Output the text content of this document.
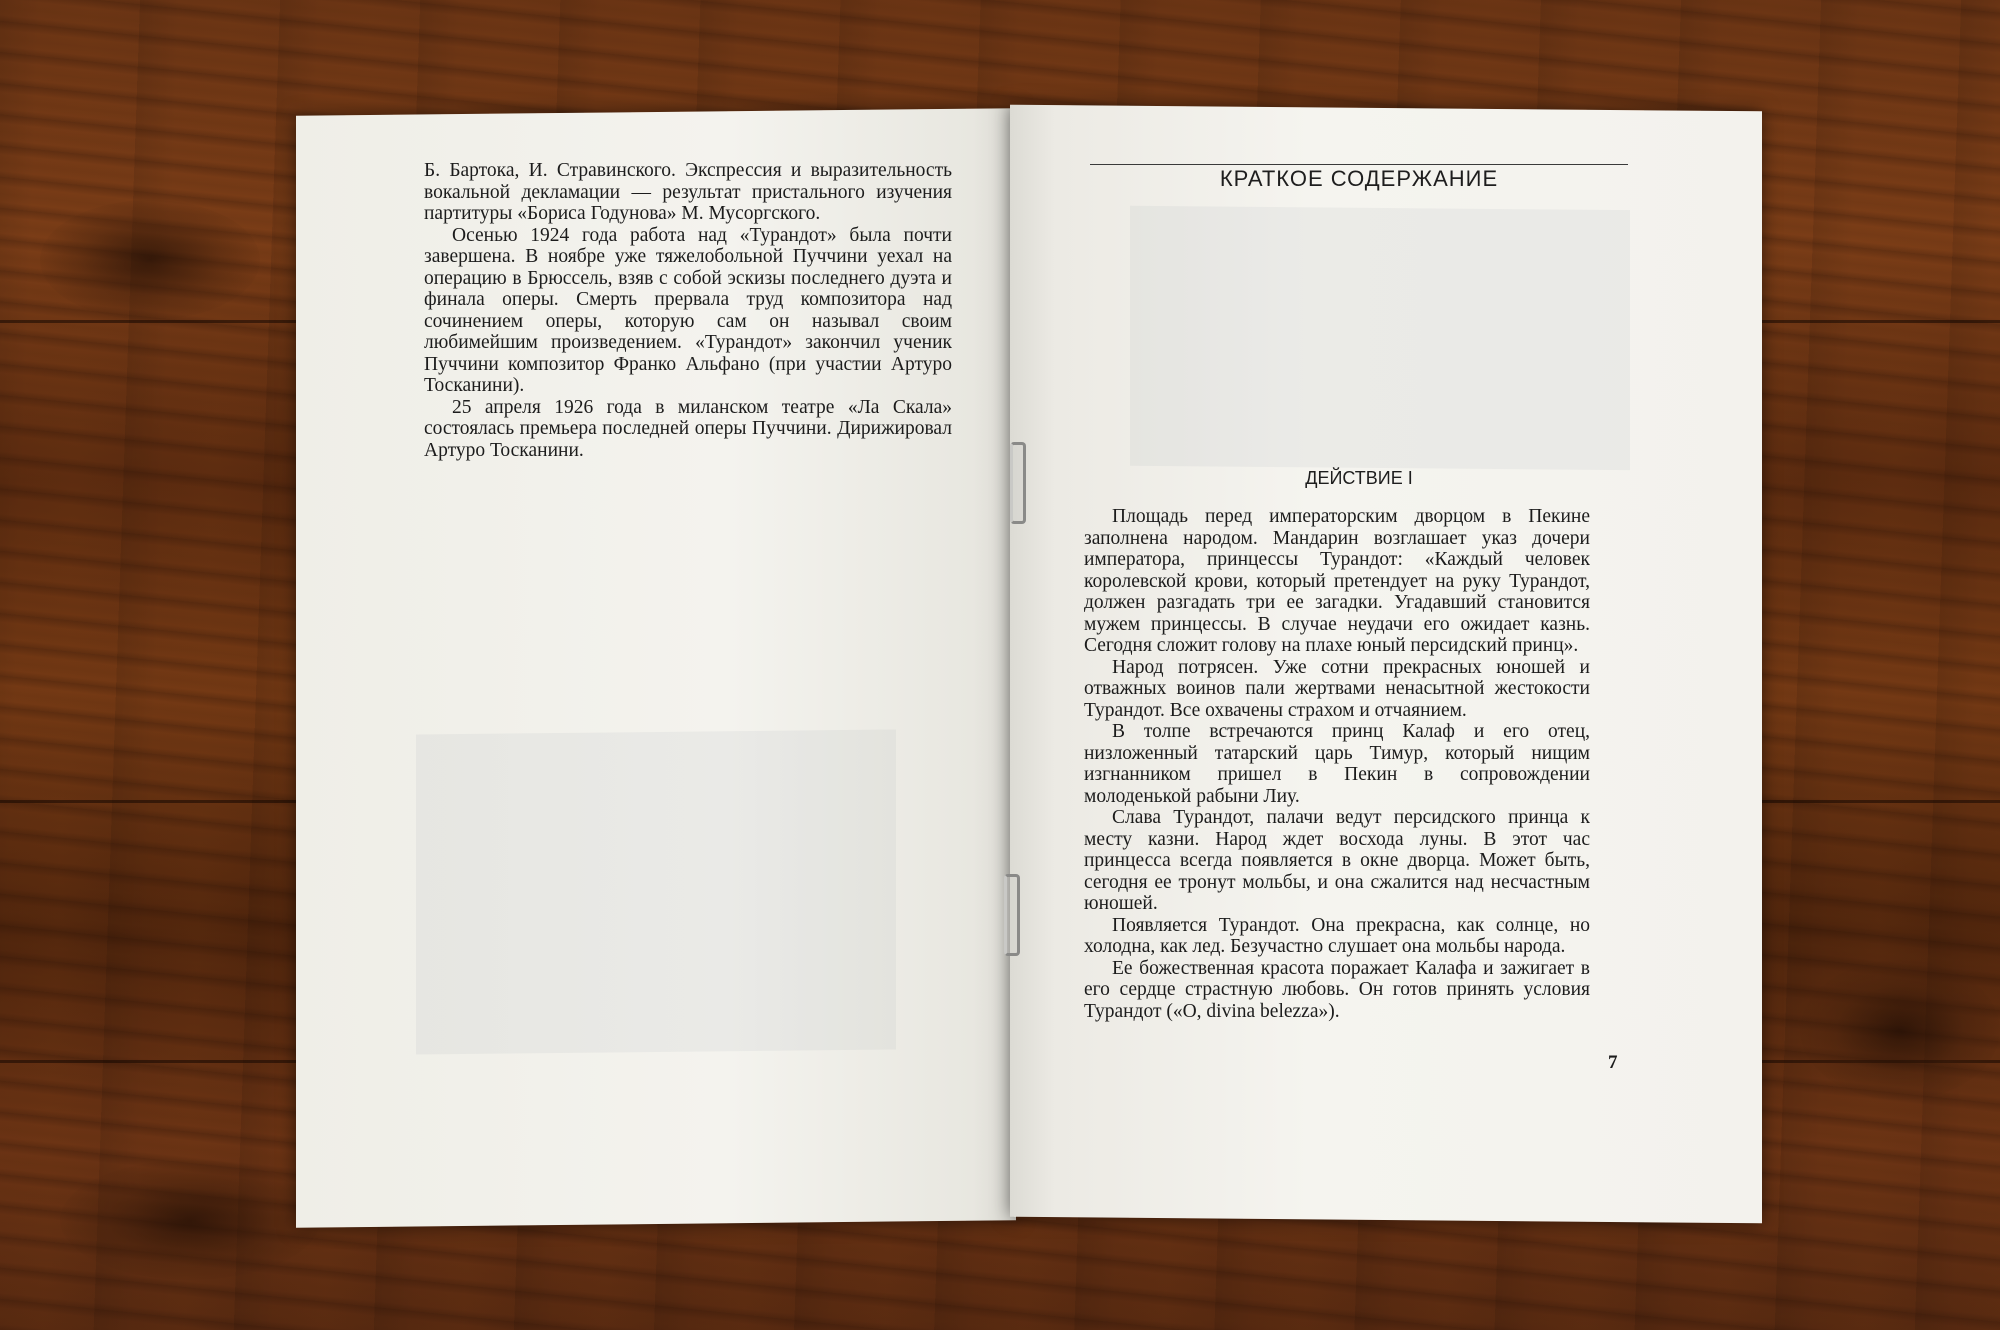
Б. Бартока, И. Стравинского. Экспрессия и выразительность вокальной декламации — результат пристального изучения партитуры «Бориса Годунова» М. Мусоргского.

Осенью 1924 года работа над «Турандот» была почти завершена. В ноябре уже тяжелобольной Пуччини уехал на операцию в Брюссель, взяв с собой эскизы последнего дуэта и финала оперы. Смерть прервала труд композитора над сочинением оперы, которую сам он называл своим любимейшим произведением. «Турандот» закончил ученик Пуччини композитор Франко Альфано (при участии Артуро Тосканини).

25 апреля 1926 года в миланском театре «Ла Скала» состоялась премьера последней оперы Пуччини. Дирижировал Артуро Тосканини.

КРАТКОЕ СОДЕРЖАНИЕ
ДЕЙСТВИЕ I

Площадь перед императорским дворцом в Пекине заполнена народом. Мандарин возглашает указ дочери императора, принцессы Турандот: «Каждый человек королевской крови, который претендует на руку Турандот, должен разгадать три ее загадки. Угадавший становится мужем принцессы. В случае неудачи его ожидает казнь. Сегодня сложит голову на плахе юный персидский принц».

Народ потрясен. Уже сотни прекрасных юношей и отважных воинов пали жертвами ненасытной жестокости Турандот. Все охвачены страхом и отчаянием.

В толпе встречаются принц Калаф и его отец, низложенный татарский царь Тимур, который нищим изгнанником пришел в Пекин в сопровождении молоденькой рабыни Лиу.

Слава Турандот, палачи ведут персидского принца к месту казни. Народ ждет восхода луны. В этот час принцесса всегда появляется в окне дворца. Может быть, сегодня ее тронут мольбы, и она сжалится над несчастным юношей.

Появляется Турандот. Она прекрасна, как солнце, но холодна, как лед. Безучастно слушает она мольбы народа.

Ее божественная красота поражает Калафа и зажигает в его сердце страстную любовь. Он готов принять условия Турандот («О, divina belezza»).

7
